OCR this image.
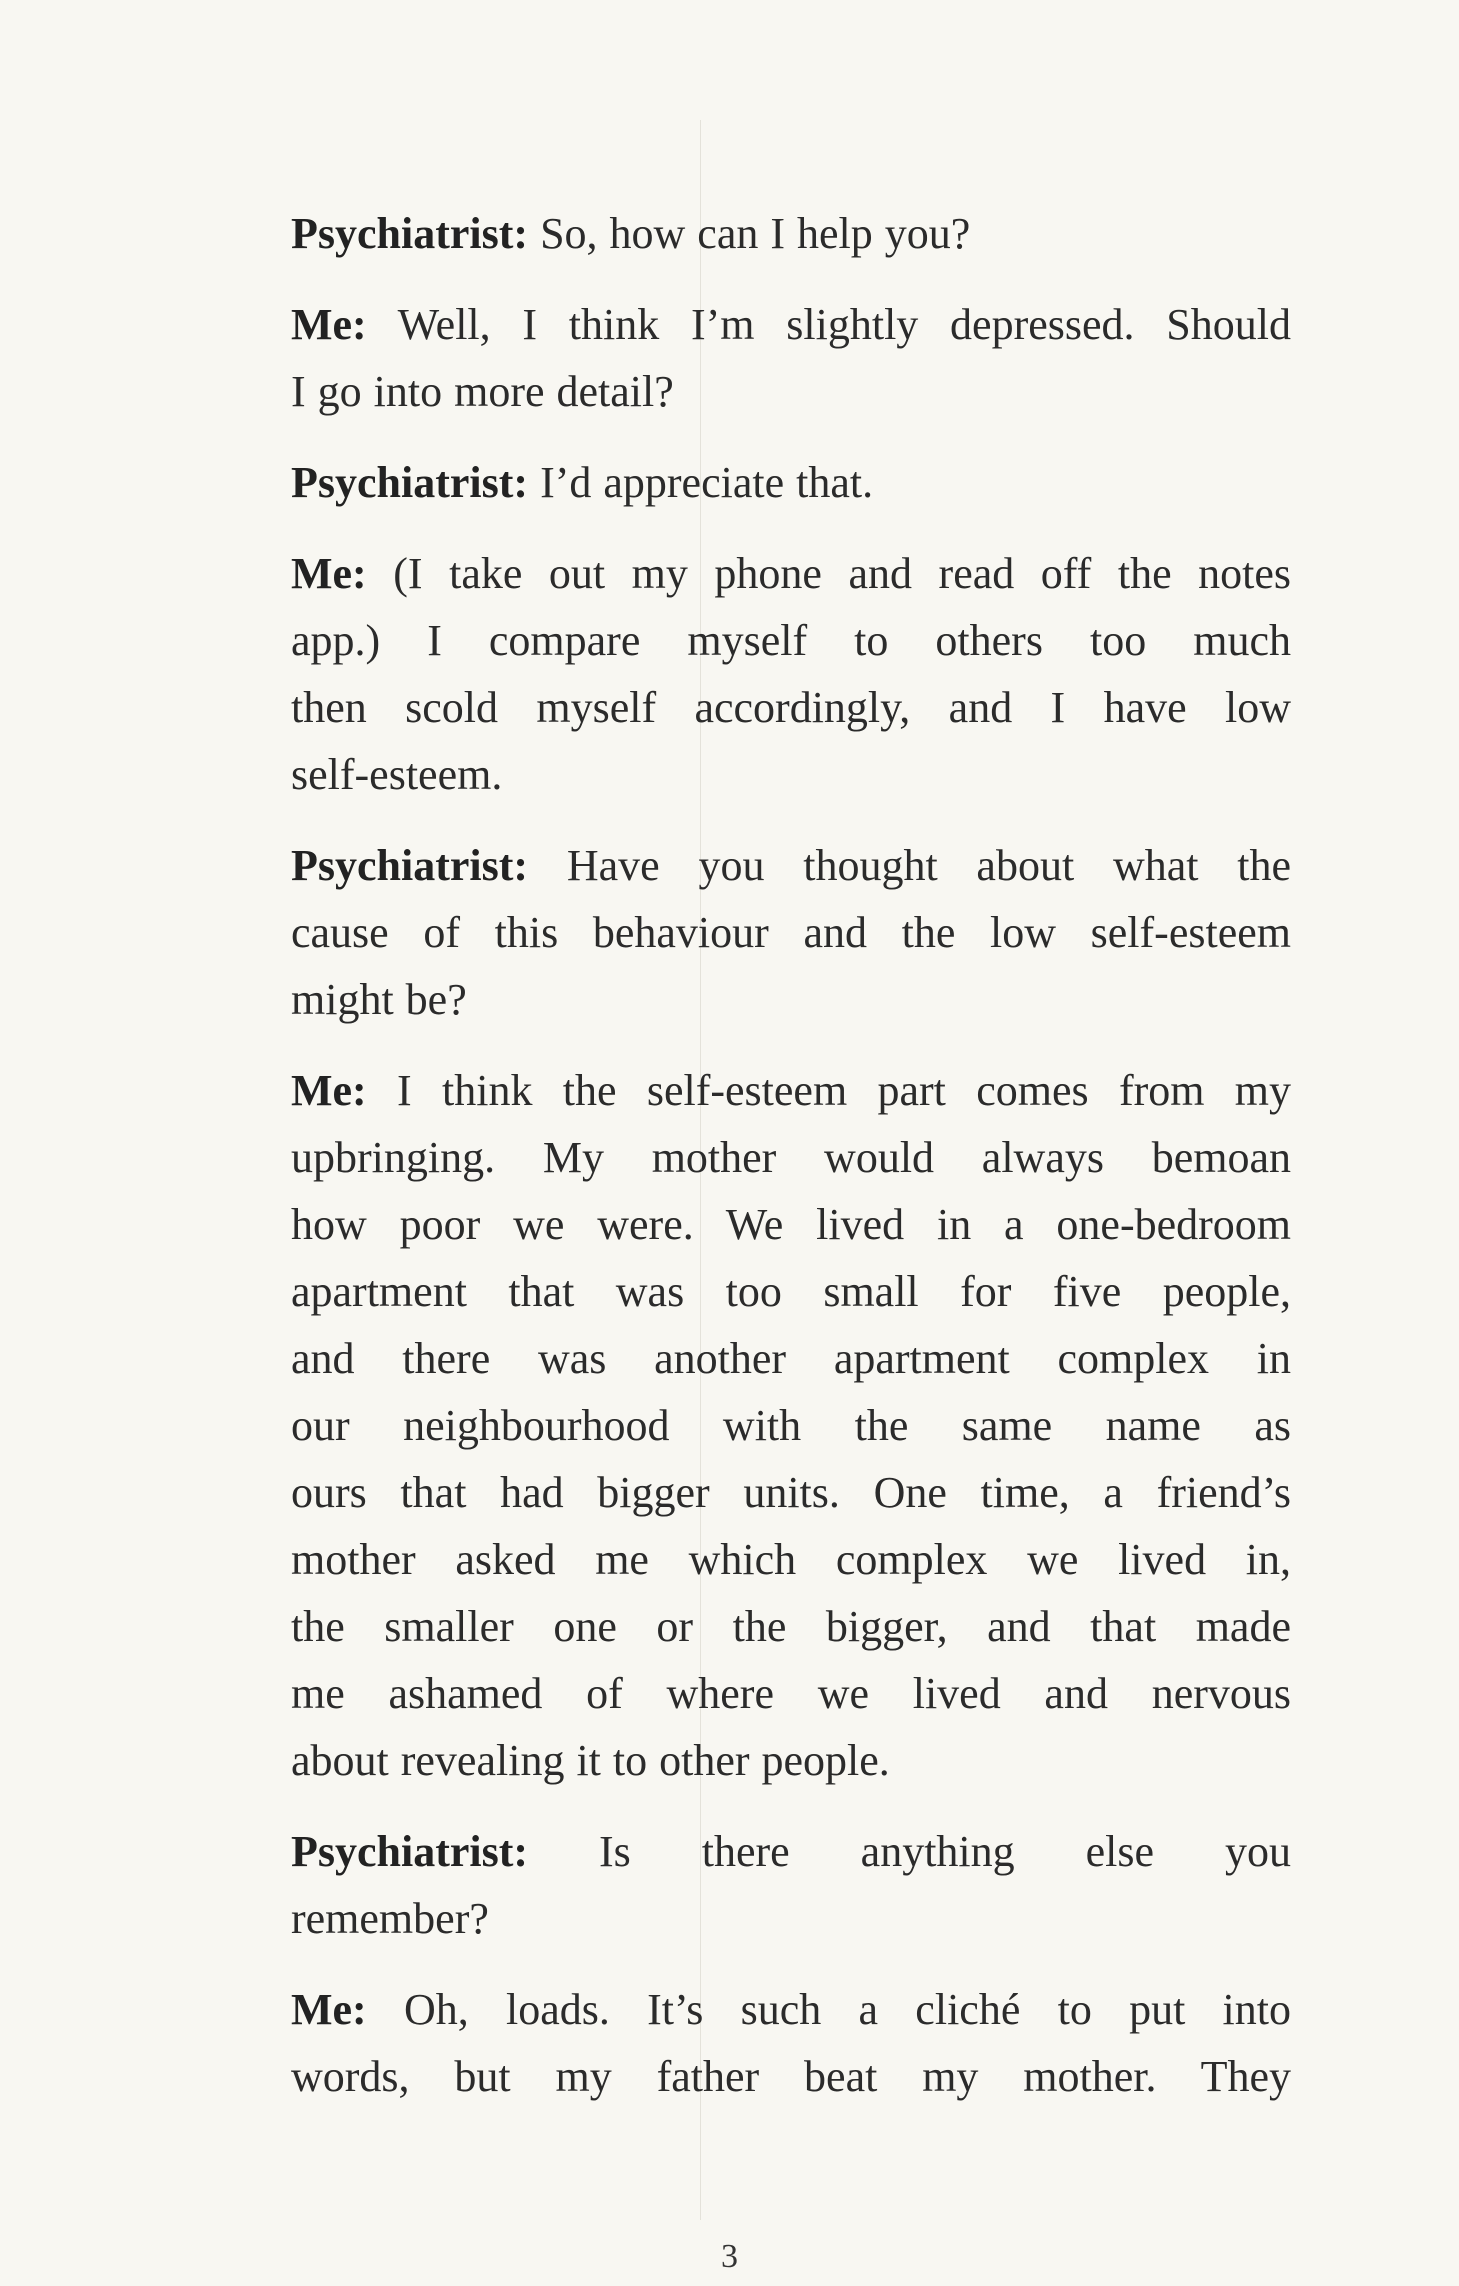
Psychiatrist: So, how can I help you?

Me: Well, I think I’m slightly depressed. Should
I go into more detail?

Psychiatrist: I’d appreciate that.

Me: (I take out my phone and read off the notes
app.) I compare myself to others too much
then scold myself accordingly, and I have low
self-esteem.

Psychiatrist: Have you thought about what the
cause of this behaviour and the low self-esteem
might be?

Me: I think the self-esteem part comes from my
upbringing. My mother would always bemoan
how poor we were. We lived in a one-bedroom
apartment that was too small for five people,
and there was another apartment complex in
our neighbourhood with the same name as
ours that had bigger units. One time, a friend’s
mother asked me which complex we lived in,
the smaller one or the bigger, and that made
me ashamed of where we lived and nervous
about revealing it to other people.

Psychiatrist: Is there anything else you
remember?

Me: Oh, loads. It’s such a cliché to put into
words, but my father beat my mother. They

3
